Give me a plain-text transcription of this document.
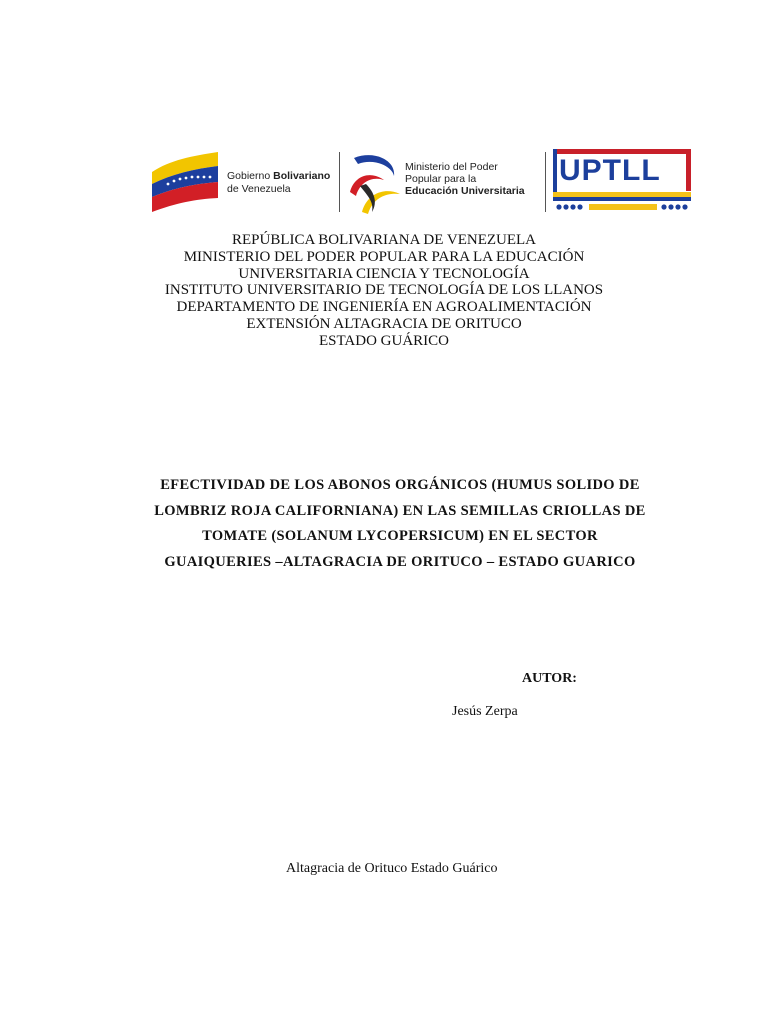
Gobierno Bolivariano
de Venezuela
Ministerio del Poder
Popular para la
Educación Universitaria
UPTLL
REPÚBLICA BOLIVARIANA DE VENEZUELA
MINISTERIO DEL PODER POPULAR PARA LA EDUCACIÓN
UNIVERSITARIA CIENCIA Y TECNOLOGÍA
INSTITUTO UNIVERSITARIO DE TECNOLOGÍA DE LOS LLANOS
DEPARTAMENTO DE INGENIERÍA EN AGROALIMENTACIÓN
EXTENSIÓN ALTAGRACIA DE ORITUCO
ESTADO GUÁRICO
EFECTIVIDAD DE LOS ABONOS ORGÁNICOS (HUMUS SOLIDO DE
LOMBRIZ ROJA CALIFORNIANA) EN LAS SEMILLAS CRIOLLAS DE
TOMATE (SOLANUM LYCOPERSICUM) EN EL SECTOR
GUAIQUERIES –ALTAGRACIA DE ORITUCO – ESTADO GUARICO
AUTOR:
Jesús Zerpa
Altagracia de Orituco Estado Guárico
